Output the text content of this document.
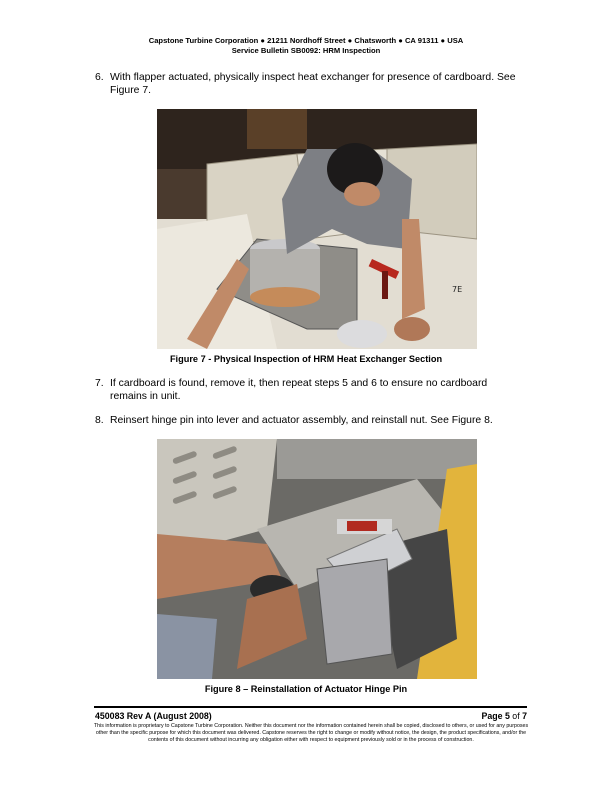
Capstone Turbine Corporation ● 21211 Nordhoff Street ● Chatsworth ● CA 91311 ● USA
Service Bulletin SB0092: HRM Inspection
6. With flapper actuated, physically inspect heat exchanger for presence of cardboard. See Figure 7.
7E
Figure 7 - Physical Inspection of HRM Heat Exchanger Section
7. If cardboard is found, remove it, then repeat steps 5 and 6 to ensure no cardboard remains in unit.
8. Reinsert hinge pin into lever and actuator assembly, and reinstall nut. See Figure 8.
Figure 8 – Reinstallation of Actuator Hinge Pin
450083 Rev A (August 2008)	Page 5 of 7
This information is proprietary to Capstone Turbine Corporation. Neither this document nor the information contained herein shall be copied, disclosed to others, or used for any purposes other than the specific purpose for which this document was delivered. Capstone reserves the right to change or modify without notice, the design, the product specifications, and/or the contents of this document without incurring any obligation either with respect to equipment previously sold or in the process of construction.
